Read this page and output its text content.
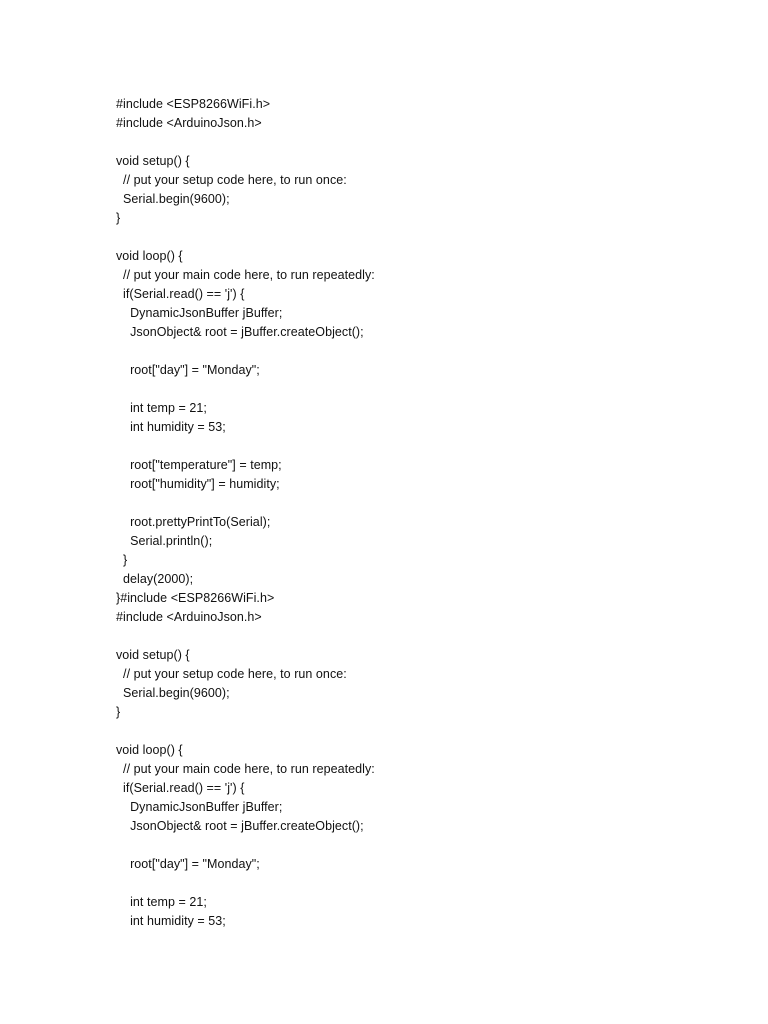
#include <ESP8266WiFi.h>
#include <ArduinoJson.h>
void setup() {
// put your setup code here, to run once:
Serial.begin(9600);
}
void loop() {
// put your main code here, to run repeatedly:
if(Serial.read() == 'j') {
DynamicJsonBuffer jBuffer;
JsonObject& root = jBuffer.createObject();
root["day"] = "Monday";
int temp = 21;
int humidity = 53;
root["temperature"] = temp;
root["humidity"] = humidity;
root.prettyPrintTo(Serial);
Serial.println();
}
delay(2000);
}#include <ESP8266WiFi.h>
#include <ArduinoJson.h>
void setup() {
// put your setup code here, to run once:
Serial.begin(9600);
}
void loop() {
// put your main code here, to run repeatedly:
if(Serial.read() == 'j') {
DynamicJsonBuffer jBuffer;
JsonObject& root = jBuffer.createObject();
root["day"] = "Monday";
int temp = 21;
int humidity = 53;
